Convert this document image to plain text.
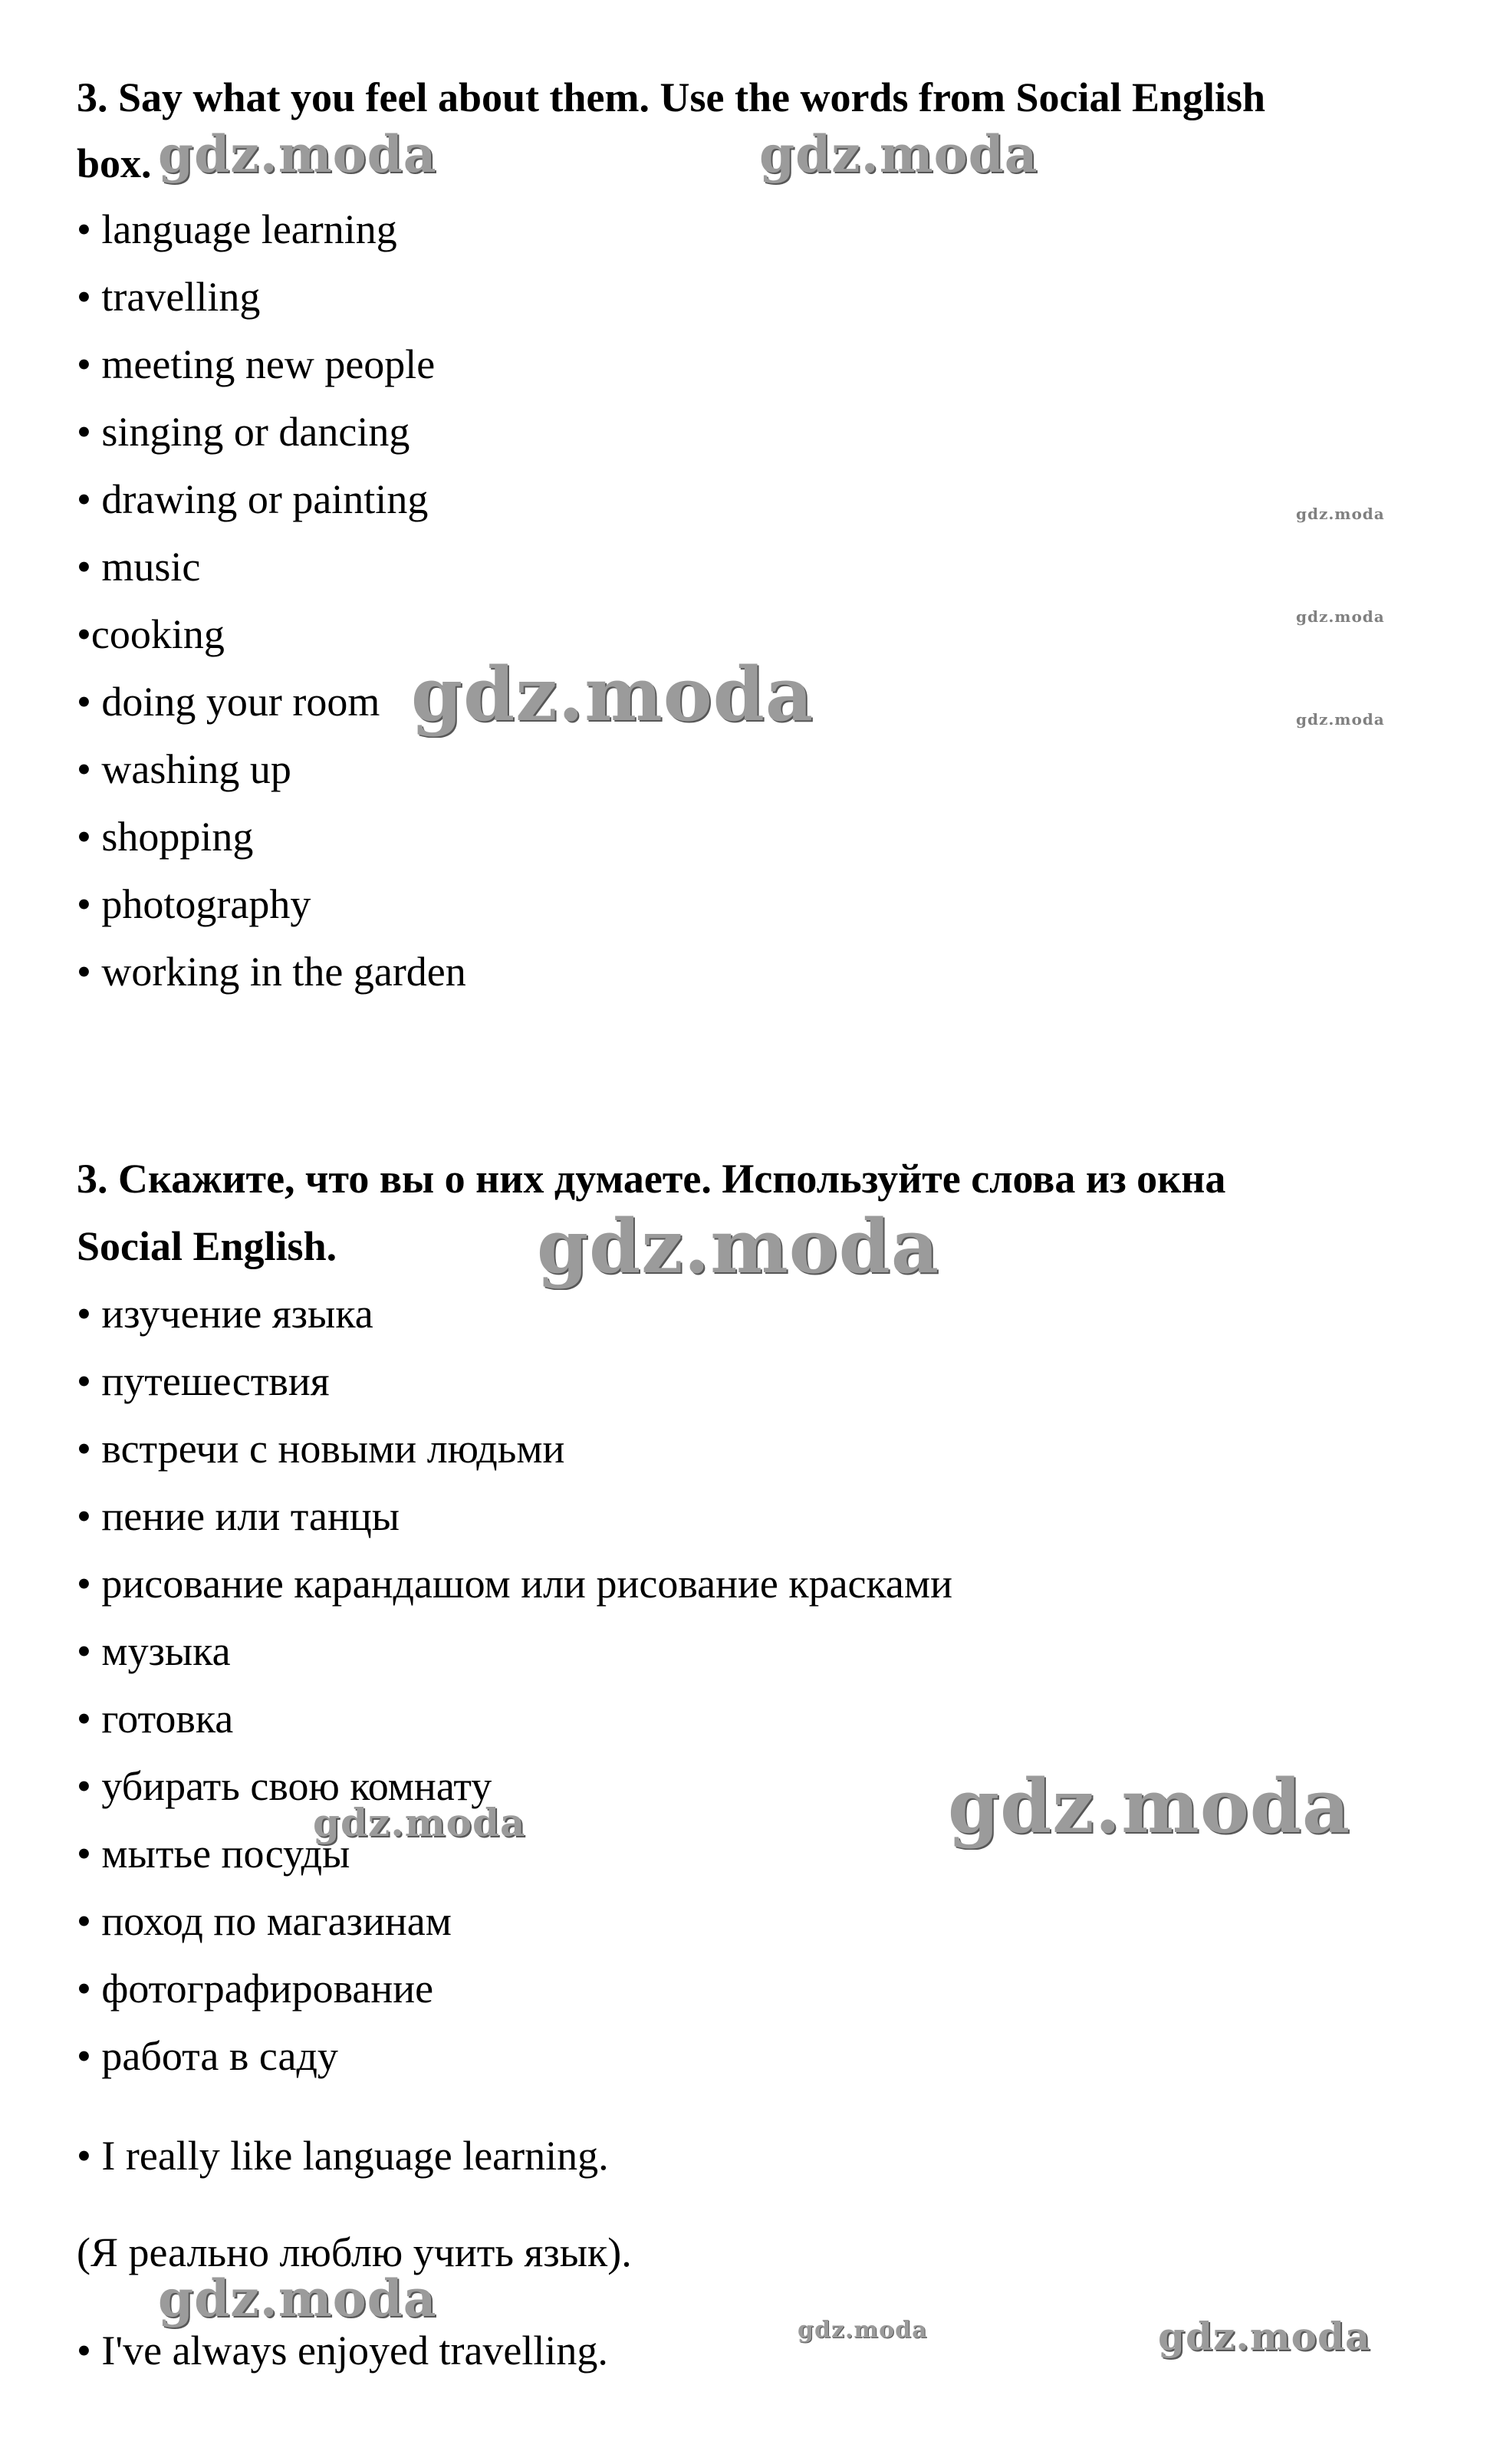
3. Say what you feel about them. Use the words from Social English
box.
• language learning
• travelling
• meeting new people
• singing or dancing
• drawing or painting
• music
•cooking
• doing your room
• washing up
• shopping
• photography
• working in the garden
3. Скажите, что вы о них думаете. Используйте слова из окна
Social English.
• изучение языка
• путешествия
• встречи с новыми людьми
• пение или танцы
• рисование карандашом или рисование красками
• музыка
• готовка
• убирать свою комнату
• мытье посуды
• поход по магазинам
• фотографирование
• работа в саду
• I really like language learning.
(Я реально люблю учить язык).
• I've always enjoyed travelling.
gdz.moda	gdz.moda
gdz.moda
gdz.moda
gdz.moda
gdz.moda
gdz.moda
gdz.moda
gdz.moda
gdz.moda
gdz.moda	gdz.moda
